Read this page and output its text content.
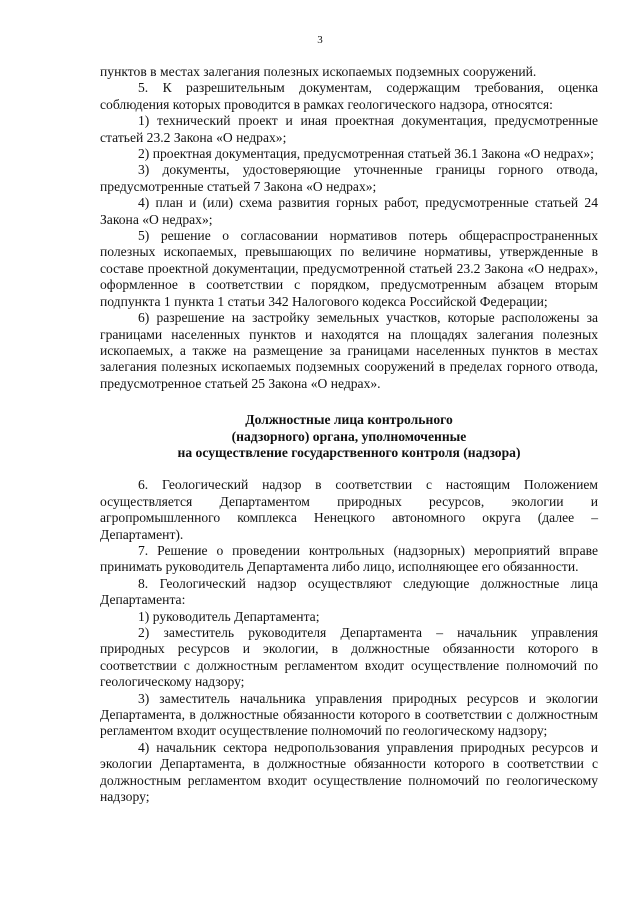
3

пунктов в местах залегания полезных ископаемых подземных сооружений.

5. К разрешительным документам, содержащим требования, оценка соблюдения которых проводится в рамках геологического надзора, относятся:

1) технический проект и иная проектная документация, предусмотренные статьей 23.2 Закона «О недрах»;

2) проектная документация, предусмотренная статьей 36.1 Закона «О недрах»;

3) документы, удостоверяющие уточненные границы горного отвода, предусмотренные статьей 7 Закона «О недрах»;

4) план и (или) схема развития горных работ, предусмотренные статьей 24 Закона «О недрах»;

5) решение о согласовании нормативов потерь общераспространенных полезных ископаемых, превышающих по величине нормативы, утвержденные в составе проектной документации, предусмотренной статьей 23.2 Закона «О недрах», оформленное в соответствии с порядком, предусмотренным абзацем вторым подпункта 1 пункта 1 статьи 342 Налогового кодекса Российской Федерации;

6) разрешение на застройку земельных участков, которые расположены за границами населенных пунктов и находятся на площадях залегания полезных ископаемых, а также на размещение за границами населенных пунктов в местах залегания полезных ископаемых подземных сооружений в пределах горного отвода, предусмотренное статьей 25 Закона «О недрах».

Должностные лица контрольного
(надзорного) органа, уполномоченные
на осуществление государственного контроля (надзора)

6. Геологический надзор в соответствии с настоящим Положением осуществляется Департаментом природных ресурсов, экологии и агропромышленного комплекса Ненецкого автономного округа (далее – Департамент).

7. Решение о проведении контрольных (надзорных) мероприятий вправе принимать руководитель Департамента либо лицо, исполняющее его обязанности.

8. Геологический надзор осуществляют следующие должностные лица Департамента:

1) руководитель Департамента;

2) заместитель руководителя Департамента – начальник управления природных ресурсов и экологии, в должностные обязанности которого в соответствии с должностным регламентом входит осуществление полномочий по геологическому надзору;

3) заместитель начальника управления природных ресурсов и экологии Департамента, в должностные обязанности которого в соответствии с должностным регламентом входит осуществление полномочий по геологическому надзору;

4) начальник сектора недропользования управления природных ресурсов и экологии Департамента, в должностные обязанности которого в соответствии с должностным регламентом входит осуществление полномочий по геологическому надзору;
